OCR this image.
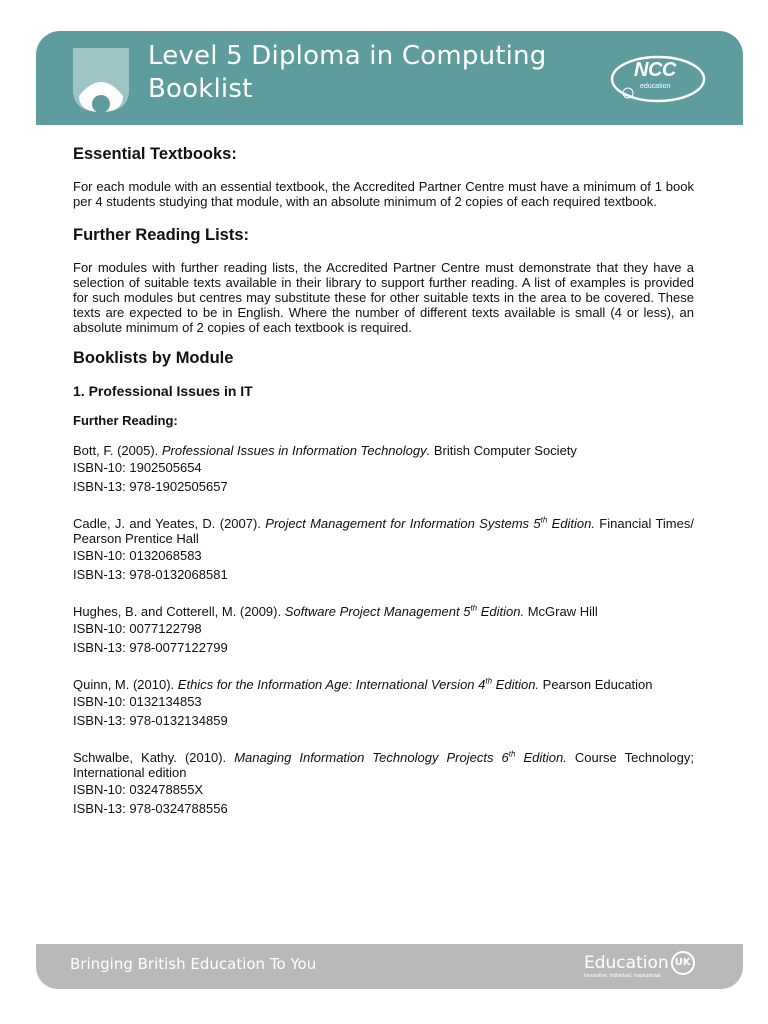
Level 5 Diploma in Computing
Booklist
NCC
education
Essential Textbooks:

For each module with an essential textbook, the Accredited Partner Centre must have a minimum of 1 book per 4 students studying that module, with an absolute minimum of 2 copies of each required textbook.

Further Reading Lists:

For modules with further reading lists, the Accredited Partner Centre must demonstrate that they have a selection of suitable texts available in their library to support further reading. A list of examples is provided for such modules but centres may substitute these for other suitable texts in the area to be covered. These texts are expected to be in English. Where the number of different texts available is small (4 or less), an absolute minimum of 2 copies of each textbook is required.

Booklists by Module
1. Professional Issues in IT
Further Reading:

Bott, F. (2005). Professional Issues in Information Technology. British Computer Society

ISBN-10: 1902505654

ISBN-13: 978-1902505657

Cadle, J. and Yeates, D. (2007). Project Management for Information Systems 5th Edition. Financial Times/ Pearson Prentice Hall

ISBN-10: 0132068583

ISBN-13: 978-0132068581

Hughes, B. and Cotterell, M. (2009). Software Project Management 5th Edition. McGraw Hill

ISBN-10: 0077122798

ISBN-13: 978-0077122799

Quinn, M. (2010). Ethics for the Information Age: International Version 4th Edition. Pearson Education

ISBN-10: 0132134853

ISBN-13: 978-0132134859

Schwalbe, Kathy. (2010). Managing Information Technology Projects 6th Edition. Course Technology; International edition

ISBN-10: 032478855X

ISBN-13: 978-0324788556

Bringing British Education To You	Education UK
Innovative. Individual. Inspirational.
